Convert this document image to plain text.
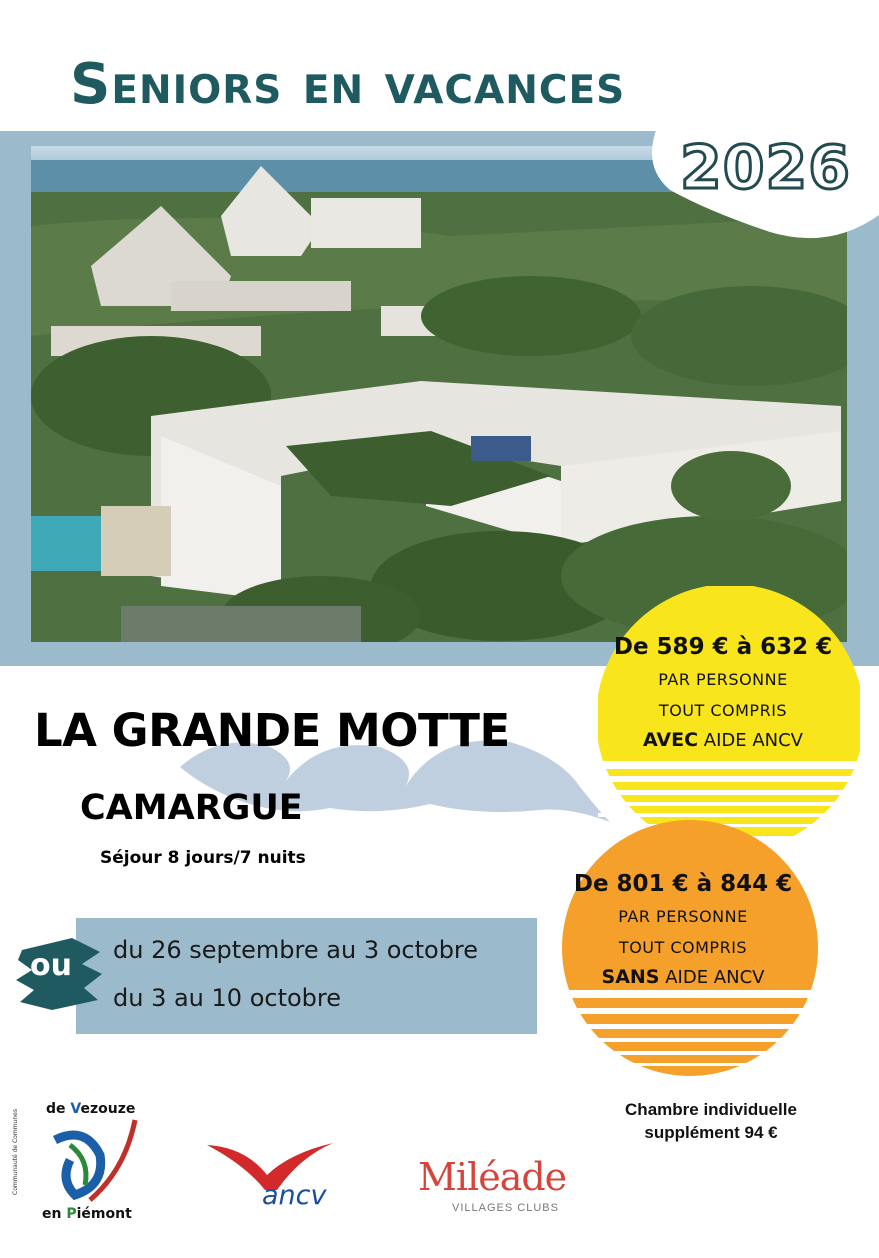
Seniors en vacances
2026
LA GRANDE MOTTE
CAMARGUE
Séjour 8 jours/7 nuits
ou du 26 septembre au 3 octobre
du 3 au 10 octobre
De 589 € à 632 €
PAR PERSONNE
TOUT COMPRIS
AVEC AIDE ANCV
De 801 € à 844 €
PAR PERSONNE
TOUT COMPRIS
SANS AIDE ANCV
Chambre individuelle
supplément 94 €
de Vezouze
en Piémont
Communauté de Communes
ancv Miléade
VILLAGES CLUBS
